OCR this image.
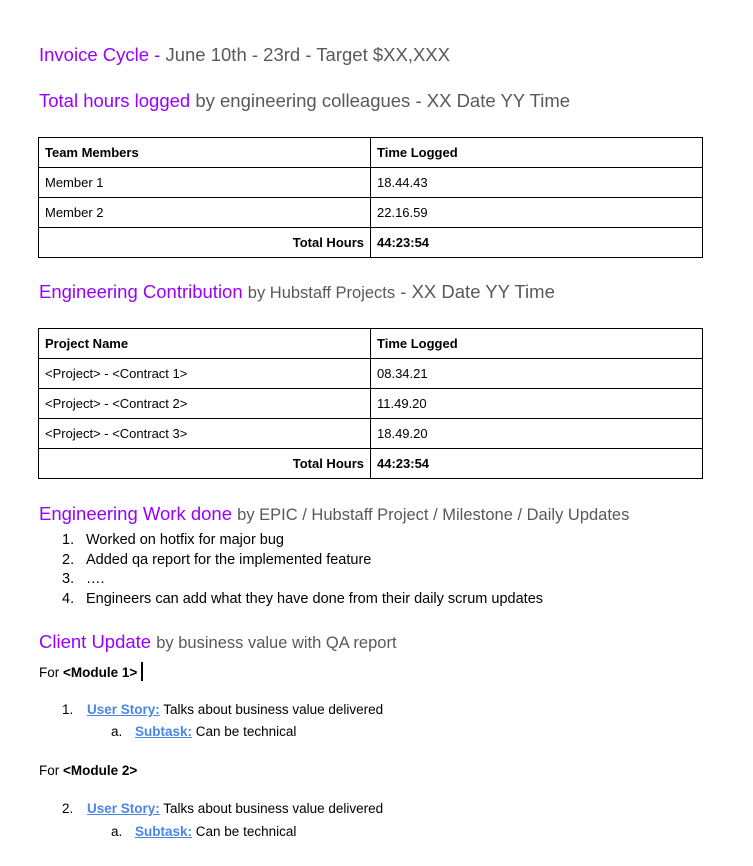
Invoice Cycle - June 10th - 23rd - Target $XX,XXX
Total hours logged by engineering colleagues - XX Date YY Time
Team Members	Time Logged
Member 1	18.44.43
Member 2	22.16.59
Total Hours	44:23:54
Engineering Contribution by Hubstaff Projects - XX Date YY Time
Project Name	Time Logged
<Project> - <Contract 1>	08.34.21
<Project> - <Contract 2>	11.49.20
<Project> - <Contract 3>	18.49.20
Total Hours	44:23:54
Engineering Work done by EPIC / Hubstaff Project / Milestone / Daily Updates
1. Worked on hotfix for major bug
2. Added qa report for the implemented feature
3. ….
4. Engineers can add what they have done from their daily scrum updates
Client Update by business value with QA report
For <Module 1>
1. User Story: Talks about business value delivered
a. Subtask: Can be technical
For <Module 2>
2. User Story: Talks about business value delivered
a. Subtask: Can be technical
